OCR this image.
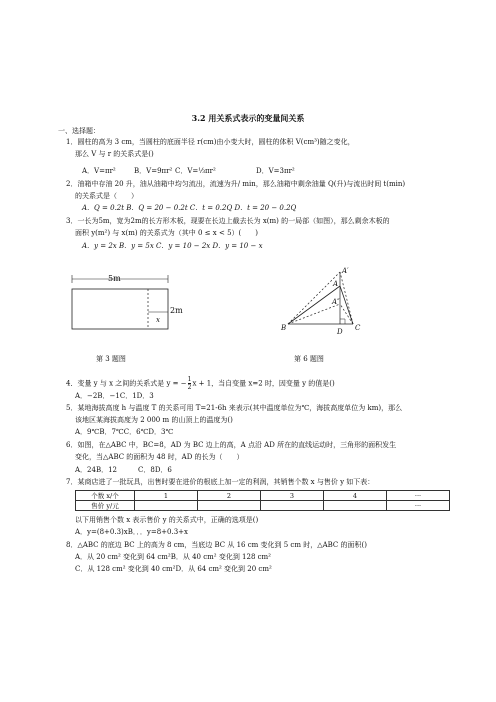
3.2 用关系式表示的变量间关系
一、选择题：
1．圆柱的高为 3 cm，当圆柱的底面半径 r(cm)由小变大时，圆柱的体积 V(cm³)随之变化，
那么 V 与 r 的关系式是()
A．V=πr²	B．V=9πr² C．V=⅓πr²	D．V=3πr²
2．油箱中存油 20 升，油从油箱中均匀流出，流速为升/ min，那么油箱中剩余油量 Q(升)与流出时间 t(min)
的关系式是（　　）
A．Q = 0.2t B．Q = 20 − 0.2t C．t = 0.2Q D．t = 20 − 0.2Q
3．一长为5m，宽为2m的长方形木板，现要在长边上截去长为 x(m) 的一局部（如图），那么剩余木板的
面积 y(m²) 与 x(m) 的关系式为（其中 0 ≤ x < 5）(　　)
A．y = 2x B．y = 5x C．y = 10 − 2x D．y = 10 − x
5m
2m
x
A′
A
A″
B	C
D
第 3 题图	第 6 题图
4．变量 y 与 x 之间的关系式是 y = − $\frac{1}{2}$ x + 1，当自变量 x=2 时，因变量 y 的值是()
A．−2B．−1C．1D．3
5．某地海拔高度 h 与温度 T 的关系可用 T=21-6h 来表示(其中温度单位为℃，海拔高度单位为 km)，那么
该地区某海拔高度为 2 000 m 的山顶上的温度为()
A．9℃B．7℃C．6℃D．3℃
6．如图，在△ABC 中，BC=8，AD 为 BC 边上的高，A 点沿 AD 所在的直线运动时，三角形的面积发生
变化，当△ABC 的面积为 48 时，AD 的长为（　　）
A．24B．12　　　C．8D．6
7．某商店进了一批玩具，出售时要在进价的根底上加一定的利润，其销售个数 x 与售价 y 如下表：
个数 x/个	1	2	3	4	···
售价 y/元					···
以下用销售个数 x 表示售价 y 的关系式中，正确的选项是()
A．y=(8+0.3)xB．．．y=8+0.3+x
8．△ABC 的底边 BC 上的高为 8 cm，当底边 BC 从 16 cm 变化到 5 cm 时，△ABC 的面积()
A．从 20 cm² 变化到 64 cm²B．从 40 cm² 变化到 128 cm²
C．从 128 cm² 变化到 40 cm²D．从 64 cm² 变化到 20 cm²
